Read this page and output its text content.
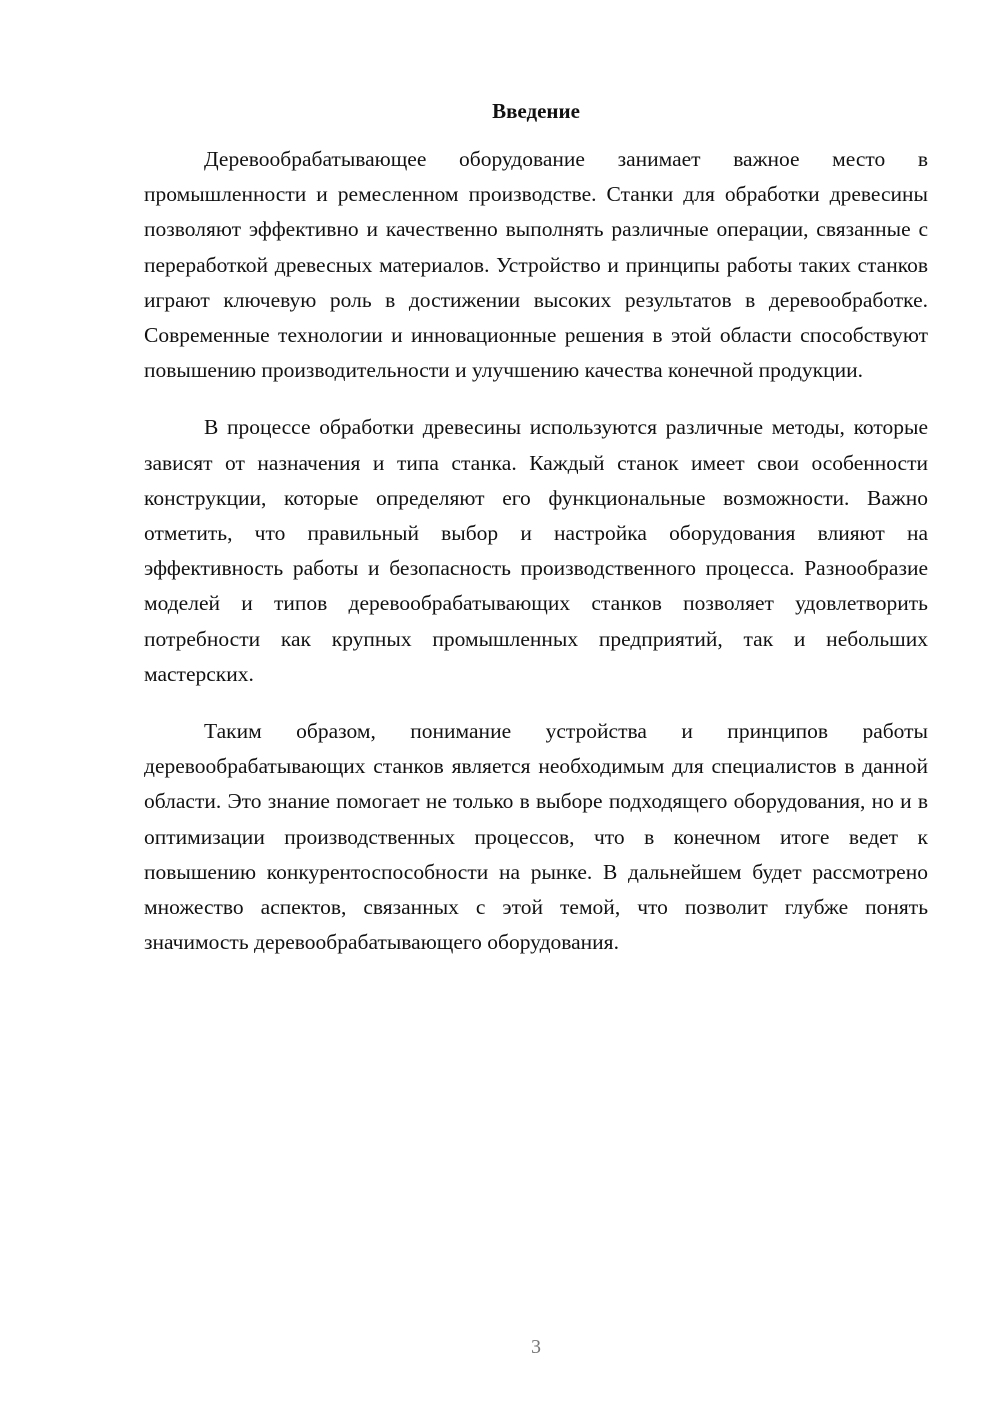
Введение

Деревообрабатывающее оборудование занимает важное место в промышленности и ремесленном производстве. Станки для обработки древесины позволяют эффективно и качественно выполнять различные операции, связанные с переработкой древесных материалов. Устройство и принципы работы таких станков играют ключевую роль в достижении высоких результатов в деревообработке. Современные технологии и инновационные решения в этой области способствуют повышению производительности и улучшению качества конечной продукции.

В процессе обработки древесины используются различные методы, которые зависят от назначения и типа станка. Каждый станок имеет свои особенности конструкции, которые определяют его функциональные возможности. Важно отметить, что правильный выбор и настройка оборудования влияют на эффективность работы и безопасность производственного процесса. Разнообразие моделей и типов деревообрабатывающих станков позволяет удовлетворить потребности как крупных промышленных предприятий, так и небольших мастерских.

Таким образом, понимание устройства и принципов работы деревообрабатывающих станков является необходимым для специалистов в данной области. Это знание помогает не только в выборе подходящего оборудования, но и в оптимизации производственных процессов, что в конечном итоге ведет к повышению конкурентоспособности на рынке. В дальнейшем будет рассмотрено множество аспектов, связанных с этой темой, что позволит глубже понять значимость деревообрабатывающего оборудования.

3
